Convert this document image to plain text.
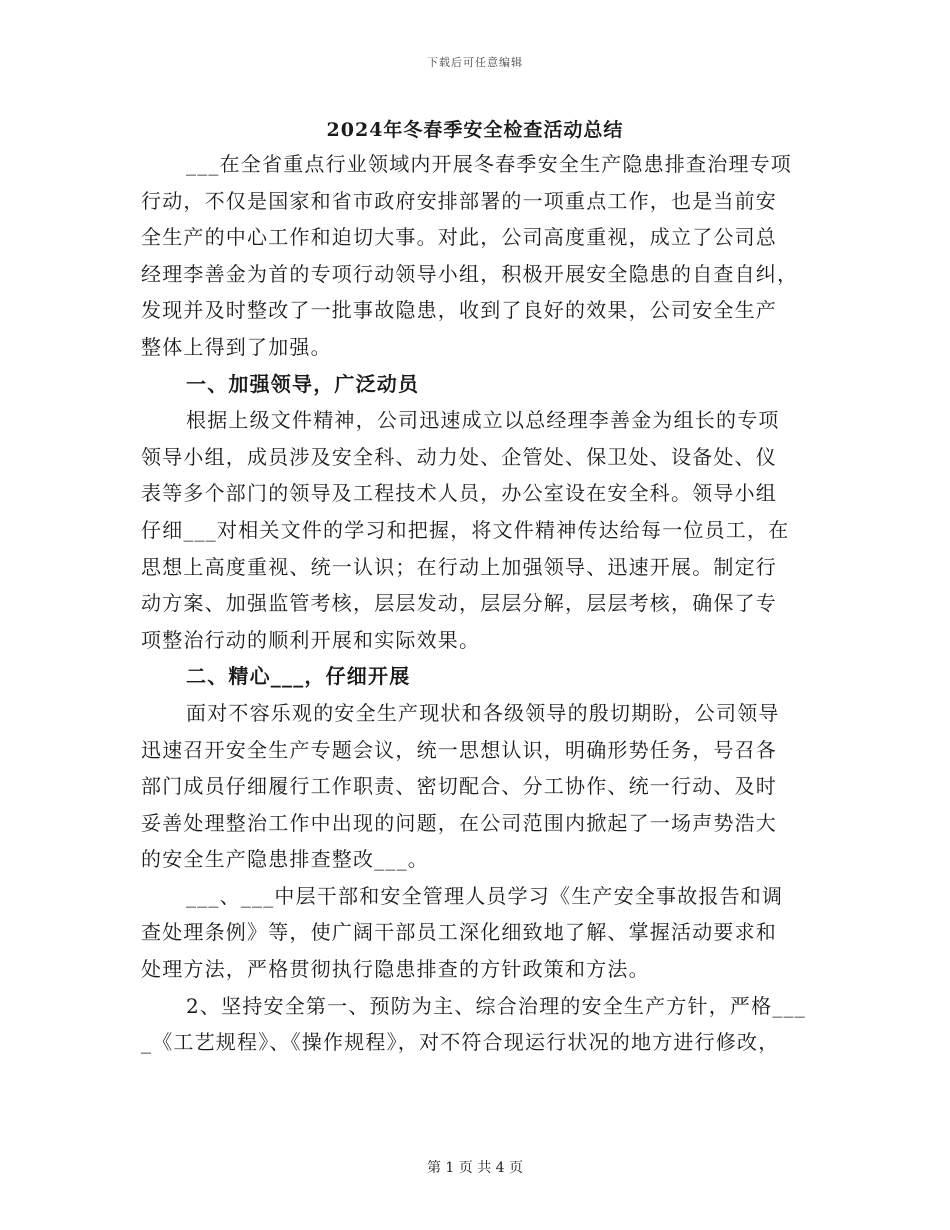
下载后可任意编辑
2024年冬春季安全检查活动总结
___在全省重点行业领域内开展冬春季安全生产隐患排查治理专项
行动，不仅是国家和省市政府安排部署的一项重点工作，也是当前安
全生产的中心工作和迫切大事。对此，公司高度重视，成立了公司总
经理李善金为首的专项行动领导小组，积极开展安全隐患的自查自纠，
发现并及时整改了一批事故隐患，收到了良好的效果，公司安全生产
整体上得到了加强。
一、加强领导，广泛动员
根据上级文件精神，公司迅速成立以总经理李善金为组长的专项
领导小组，成员涉及安全科、动力处、企管处、保卫处、设备处、仪
表等多个部门的领导及工程技术人员，办公室设在安全科。领导小组
仔细___对相关文件的学习和把握，将文件精神传达给每一位员工，在
思想上高度重视、统一认识；在行动上加强领导、迅速开展。制定行
动方案、加强监管考核，层层发动，层层分解，层层考核，确保了专
项整治行动的顺利开展和实际效果。
二、精心___，仔细开展
面对不容乐观的安全生产现状和各级领导的殷切期盼，公司领导
迅速召开安全生产专题会议，统一思想认识，明确形势任务，号召各
部门成员仔细履行工作职责、密切配合、分工协作、统一行动、及时
妥善处理整治工作中出现的问题，在公司范围内掀起了一场声势浩大
的安全生产隐患排查整改___。
___、___中层干部和安全管理人员学习《生产安全事故报告和调
查处理条例》等，使广阔干部员工深化细致地了解、掌握活动要求和
处理方法，严格贯彻执行隐患排查的方针政策和方法。
2、坚持安全第一、预防为主、综合治理的安全生产方针，严格___
_《工艺规程》、《操作规程》，对不符合现运行状况的地方进行修改，
第 1 页 共 4 页
